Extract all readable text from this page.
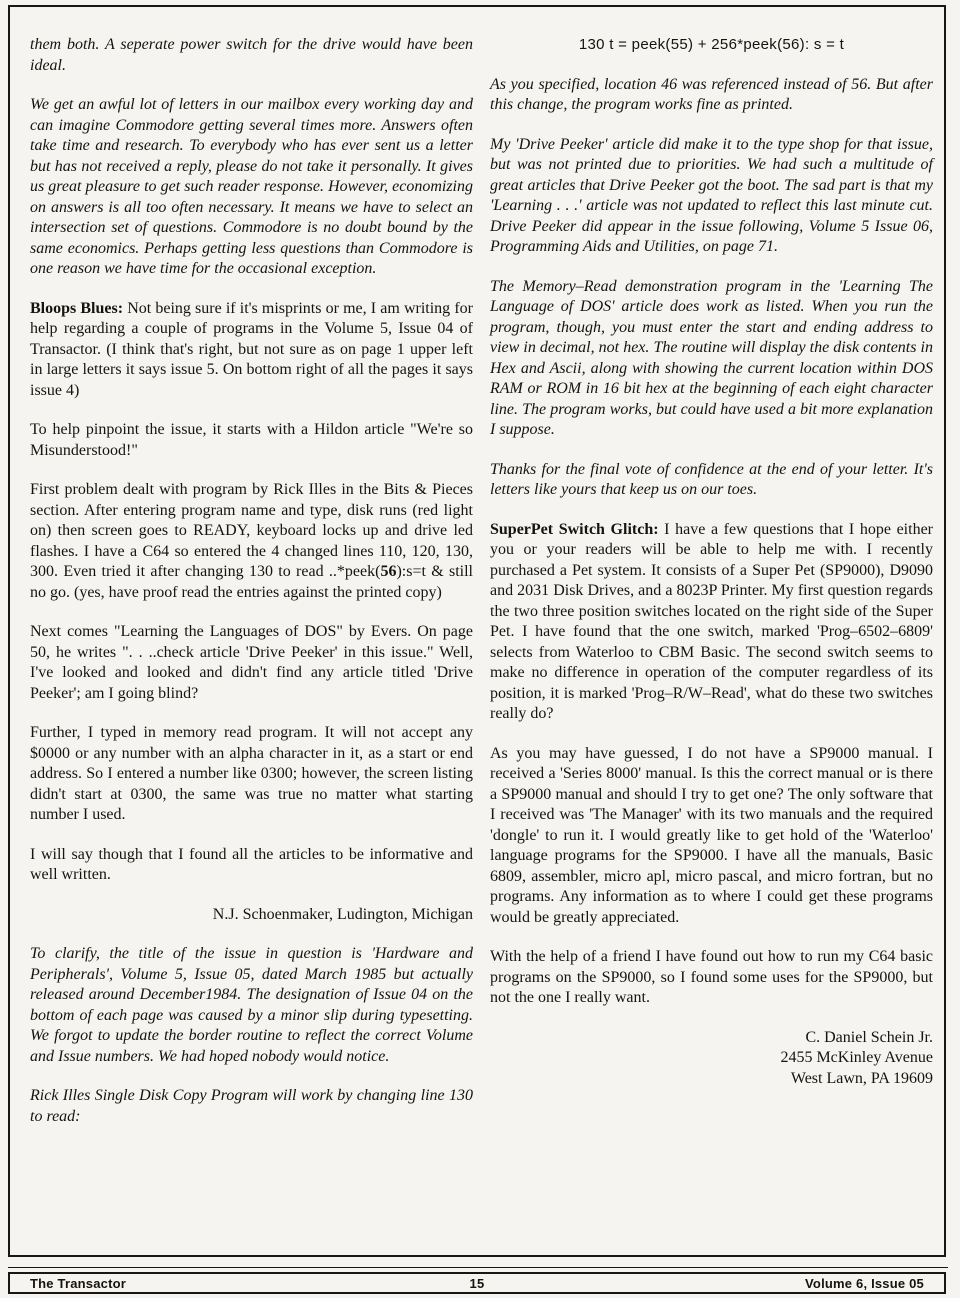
them both. A seperate power switch for the drive would have been ideal.

We get an awful lot of letters in our mailbox every working day and can imagine Commodore getting several times more. Answers often take time and research. To everybody who has ever sent us a letter but has not received a reply, please do not take it personally. It gives us great pleasure to get such reader response. However, economizing on answers is all too often necessary. It means we have to select an intersection set of questions. Commodore is no doubt bound by the same economics. Perhaps getting less questions than Commodore is one reason we have time for the occasional exception.

Bloops Blues: Not being sure if it's misprints or me, I am writing for help regarding a couple of programs in the Volume 5, Issue 04 of Transactor. (I think that's right, but not sure as on page 1 upper left in large letters it says issue 5. On bottom right of all the pages it says issue 4)

To help pinpoint the issue, it starts with a Hildon article "We're so Misunderstood!"

First problem dealt with program by Rick Illes in the Bits & Pieces section. After entering program name and type, disk runs (red light on) then screen goes to READY, keyboard locks up and drive led flashes. I have a C64 so entered the 4 changed lines 110, 120, 130, 300. Even tried it after changing 130 to read ..*peek(56):s=t & still no go. (yes, have proof read the entries against the printed copy)

Next comes "Learning the Languages of DOS" by Evers. On page 50, he writes ". . ..check article 'Drive Peeker' in this issue." Well, I've looked and looked and didn't find any article titled 'Drive Peeker'; am I going blind?

Further, I typed in memory read program. It will not accept any $0000 or any number with an alpha character in it, as a start or end address. So I entered a number like 0300; however, the screen listing didn't start at 0300, the same was true no matter what starting number I used.

I will say though that I found all the articles to be informative and well written.

N.J. Schoenmaker, Ludington, Michigan

To clarify, the title of the issue in question is 'Hardware and Peripherals', Volume 5, Issue 05, dated March 1985 but actually released around December1984. The designation of Issue 04 on the bottom of each page was caused by a minor slip during typesetting. We forgot to update the border routine to reflect the correct Volume and Issue numbers. We had hoped nobody would notice.

Rick Illes Single Disk Copy Program will work by changing line 130 to read:

130 t = peek(55) + 256*peek(56): s = t

As you specified, location 46 was referenced instead of 56. But after this change, the program works fine as printed.

My 'Drive Peeker' article did make it to the type shop for that issue, but was not printed due to priorities. We had such a multitude of great articles that Drive Peeker got the boot. The sad part is that my 'Learning . . .' article was not updated to reflect this last minute cut. Drive Peeker did appear in the issue following, Volume 5 Issue 06, Programming Aids and Utilities, on page 71.

The Memory–Read demonstration program in the 'Learning The Language of DOS' article does work as listed. When you run the program, though, you must enter the start and ending address to view in decimal, not hex. The routine will display the disk contents in Hex and Ascii, along with showing the current location within DOS RAM or ROM in 16 bit hex at the beginning of each eight character line. The program works, but could have used a bit more explanation I suppose.

Thanks for the final vote of confidence at the end of your letter. It's letters like yours that keep us on our toes.

SuperPet Switch Glitch: I have a few questions that I hope either you or your readers will be able to help me with. I recently purchased a Pet system. It consists of a Super Pet (SP9000), D9090 and 2031 Disk Drives, and a 8023P Printer. My first question regards the two three position switches located on the right side of the Super Pet. I have found that the one switch, marked 'Prog–6502–6809' selects from Waterloo to CBM Basic. The second switch seems to make no difference in operation of the computer regardless of its position, it is marked 'Prog–R/W–Read', what do these two switches really do?

As you may have guessed, I do not have a SP9000 manual. I received a 'Series 8000' manual. Is this the correct manual or is there a SP9000 manual and should I try to get one? The only software that I received was 'The Manager' with its two manuals and the required 'dongle' to run it. I would greatly like to get hold of the 'Waterloo' language programs for the SP9000. I have all the manuals, Basic 6809, assembler, micro apl, micro pascal, and micro fortran, but no programs. Any information as to where I could get these programs would be greatly appreciated.

With the help of a friend I have found out how to run my C64 basic programs on the SP9000, so I found some uses for the SP9000, but not the one I really want.

C. Daniel Schein Jr.
2455 McKinley Avenue
West Lawn, PA 19609

The Transactor	15	Volume 6, Issue 05
